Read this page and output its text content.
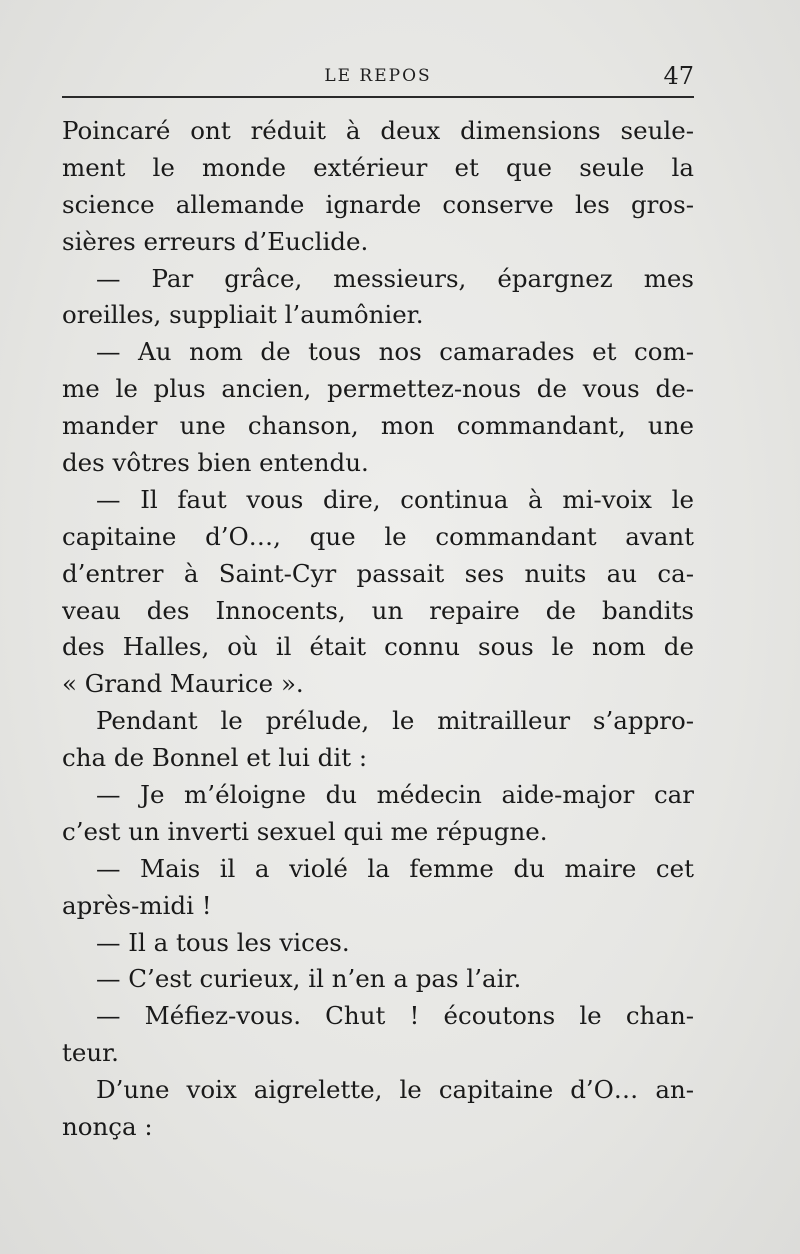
LE REPOS	47
Poincaré ont réduit à deux dimensions seule-
ment le monde extérieur et que seule la
science allemande ignarde conserve les gros-
sières erreurs d’Euclide.
— Par grâce, messieurs, épargnez mes
oreilles, suppliait l’aumônier.
— Au nom de tous nos camarades et com-
me le plus ancien, permettez-nous de vous de-
mander une chanson, mon commandant, une
des vôtres bien entendu.
— Il faut vous dire, continua à mi-voix le
capitaine d’O…, que le commandant avant
d’entrer à Saint-Cyr passait ses nuits au ca-
veau des Innocents, un repaire de bandits
des Halles, où il était connu sous le nom de
« Grand Maurice ».
Pendant le prélude, le mitrailleur s’appro-
cha de Bonnel et lui dit :
— Je m’éloigne du médecin aide-major car
c’est un inverti sexuel qui me répugne.
— Mais il a violé la femme du maire cet
après-midi !
— Il a tous les vices.
— C’est curieux, il n’en a pas l’air.
— Méfiez-vous. Chut ! écoutons le chan-
teur.
D’une voix aigrelette, le capitaine d’O… an-
nonça :
